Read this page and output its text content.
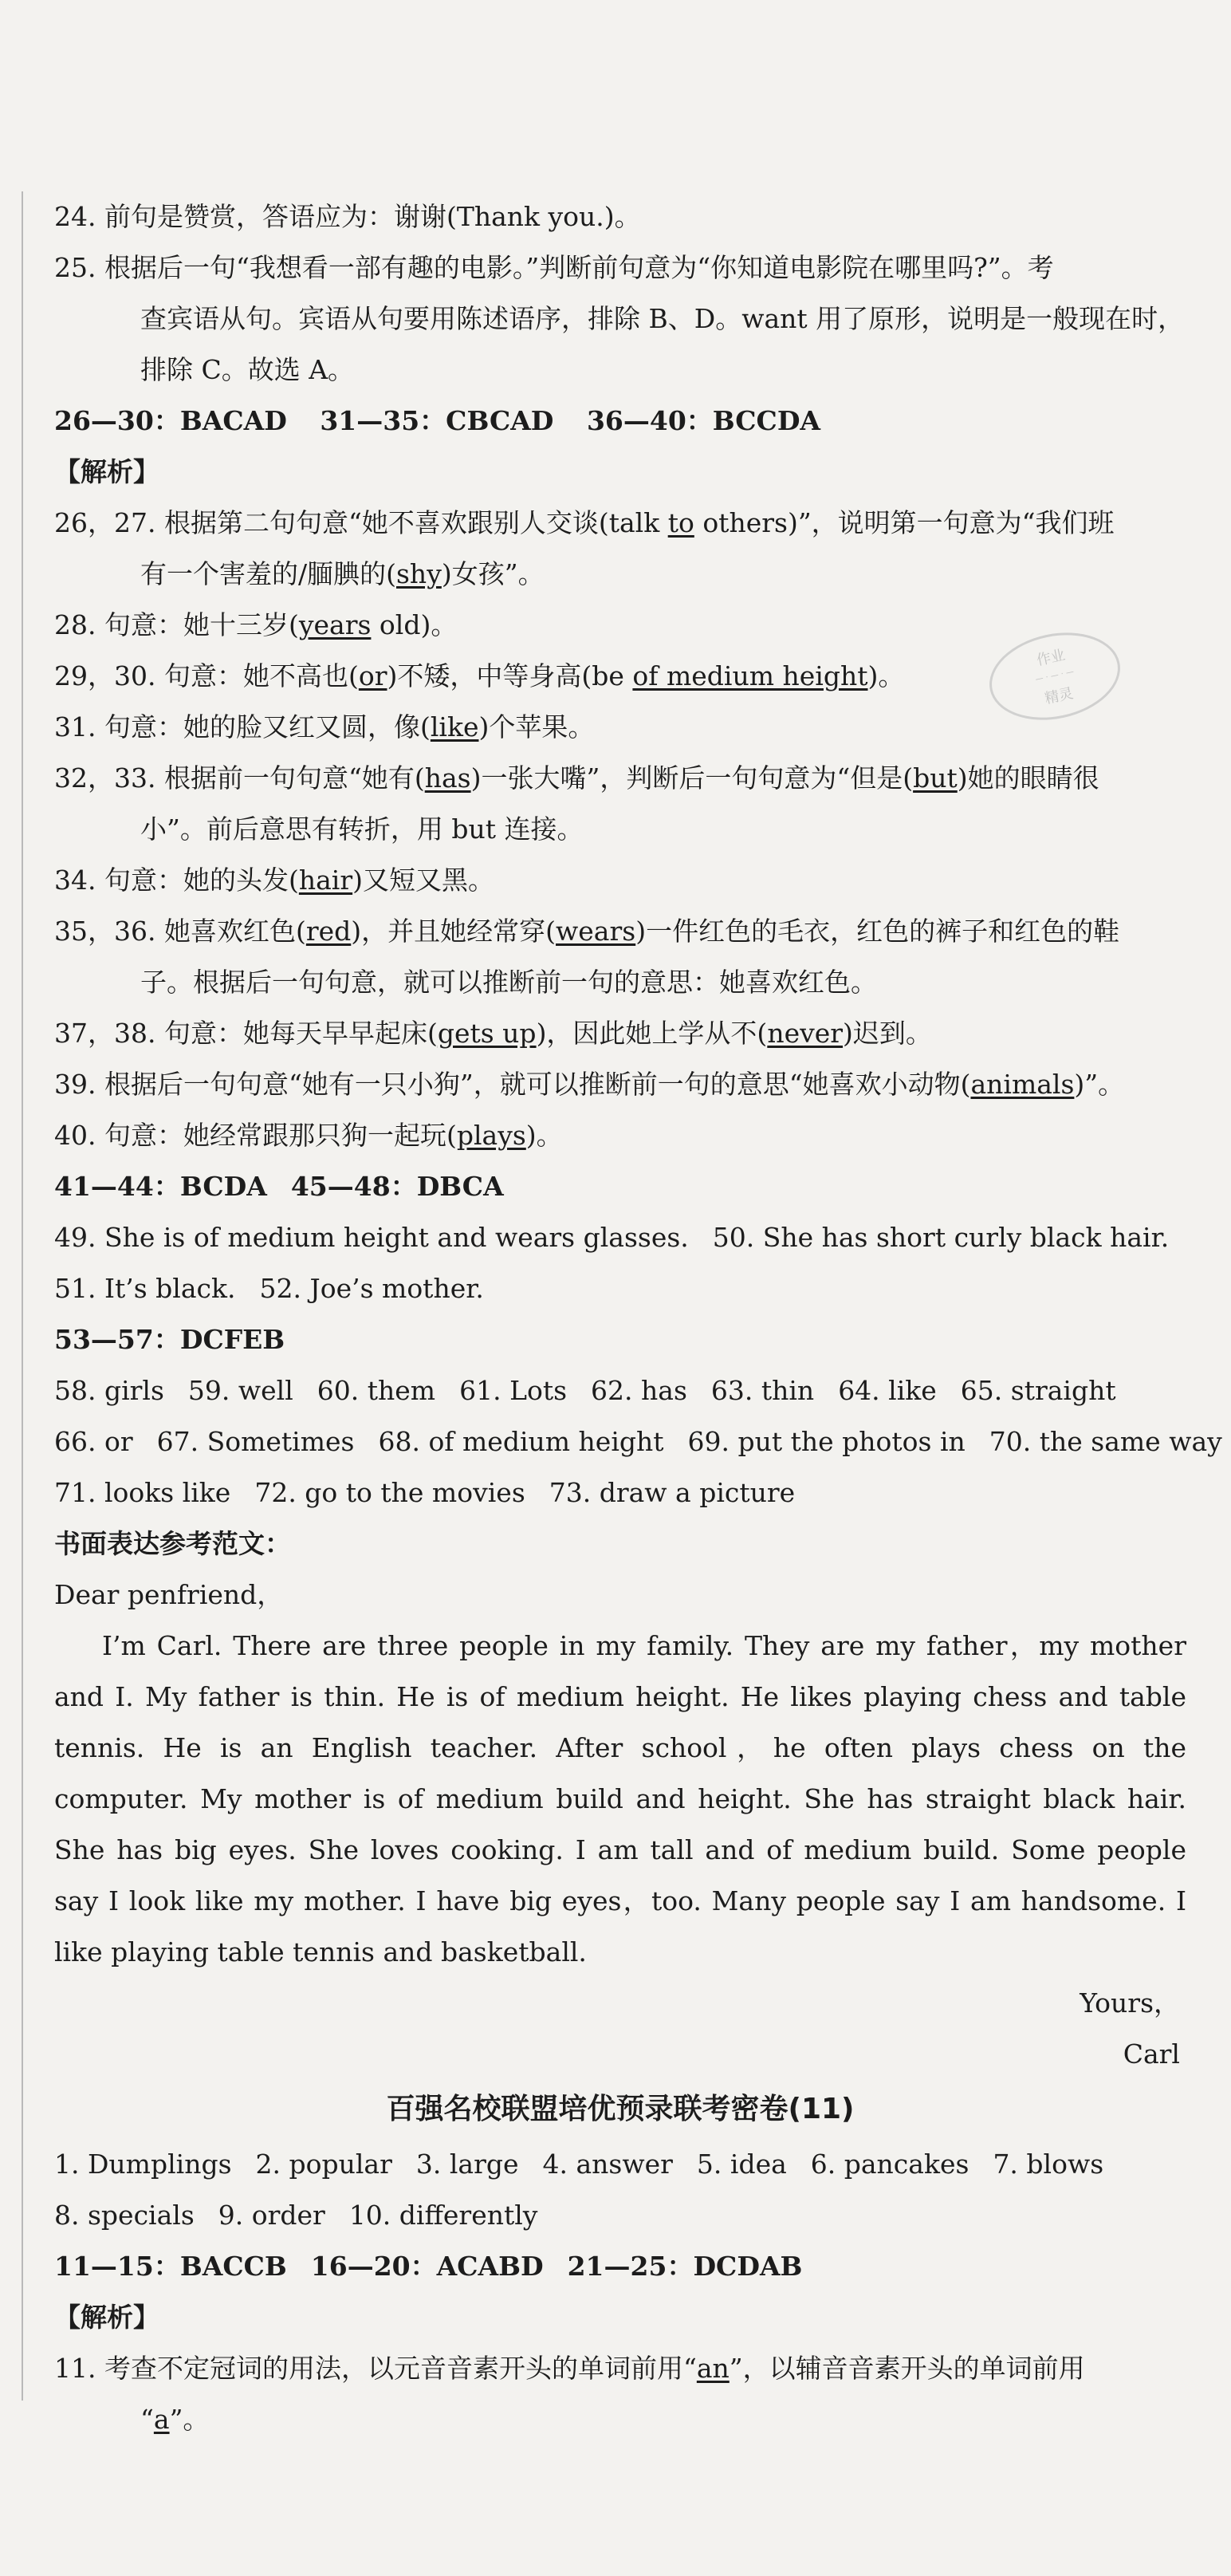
作业
— · — · —
精灵
24. 前句是赞赏，答语应为：谢谢(Thank you.)。
25. 根据后一句“我想看一部有趣的电影。”判断前句意为“你知道电影院在哪里吗?”。考
查宾语从句。宾语从句要用陈述语序，排除 B、D。want 用了原形，说明是一般现在时，
排除 C。故选 A。
26—30：BACAD 31—35：CBCAD 36—40：BCCDA
【解析】
26，27. 根据第二句句意“她不喜欢跟别人交谈(talk to others)”，说明第一句意为“我们班
有一个害羞的/腼腆的(shy)女孩”。
28. 句意：她十三岁(years old)。
29，30. 句意：她不高也(or)不矮，中等身高(be of medium height)。
31. 句意：她的脸又红又圆，像(like)个苹果。
32，33. 根据前一句句意“她有(has)一张大嘴”，判断后一句句意为“但是(but)她的眼睛很
小”。前后意思有转折，用 but 连接。
34. 句意：她的头发(hair)又短又黑。
35，36. 她喜欢红色(red)，并且她经常穿(wears)一件红色的毛衣，红色的裤子和红色的鞋
子。根据后一句句意，就可以推断前一句的意思：她喜欢红色。
37，38. 句意：她每天早早起床(gets up)，因此她上学从不(never)迟到。
39. 根据后一句句意“她有一只小狗”，就可以推断前一句的意思“她喜欢小动物(animals)”。
40. 句意：她经常跟那只狗一起玩(plays)。
41—44：BCDA 45—48：DBCA
49. She is of medium height and wears glasses. 50. She has short curly black hair.
51. It’s black. 52. Joe’s mother.
53—57：DCFEB
58. girls 59. well 60. them 61. Lots 62. has 63. thin 64. like 65. straight
66. or 67. Sometimes 68. of medium height 69. put the photos in 70. the same way
71. looks like 72. go to the movies 73. draw a picture
书面表达参考范文：
Dear penfriend，
I’m Carl. There are three people in my family. They are my father，my mother and I. My father is thin. He is of medium height. He likes playing chess and table tennis. He is an English teacher. After school，he often plays chess on the computer. My mother is of medium build and height. She has straight black hair. She has big eyes. She loves cooking. I am tall and of medium build. Some people say I look like my mother. I have big eyes，too. Many people say I am handsome. I like playing table tennis and basketball.
Yours，
Carl
百强名校联盟培优预录联考密卷(11)
1. Dumplings 2. popular 3. large 4. answer 5. idea 6. pancakes 7. blows
8. specials 9. order 10. differently
11—15：BACCB 16—20：ACABD 21—25：DCDAB
【解析】
11. 考查不定冠词的用法，以元音音素开头的单词前用“an”，以辅音音素开头的单词前用
“a”。
